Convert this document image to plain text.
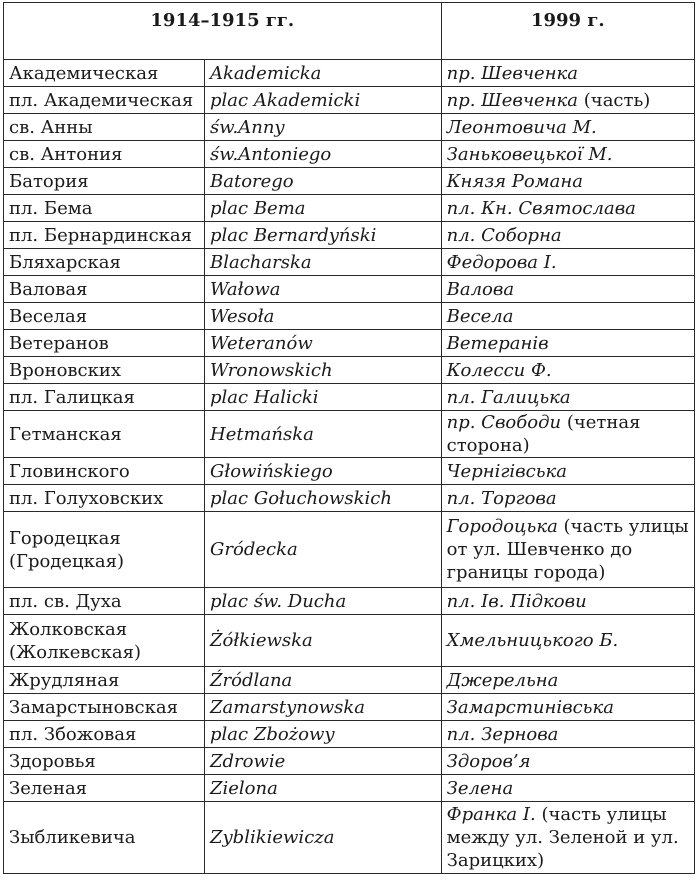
1914–1915 гг.		1999 г.
Академическая	Akademicka	пр. Шевченка
пл. Академическая	plac Akademicki	пр. Шевченка (часть)
св. Анны	św.Anny	Леонтовича М.
св. Антония	św.Antoniego	Заньковецької М.
Батория	Batorego	Князя Романа
пл. Бема	plac Bema	пл. Кн. Святослава
пл. Бернардинская	plac Bernardyński	пл. Соборна
Бляхарская	Blacharska	Федорова І.
Валовая	Wałowa	Валова
Веселая	Wesoła	Весела
Ветеранов	Weteranów	Ветеранів
Вроновских	Wronowskich	Колесси Ф.
пл. Галицкая	plac Halicki	пл. Галицька
Гетманская	Hetmańska	пр. Свободи (четная сторона)
Гловинского	Głowińskiego	Чернігівська
пл. Голуховских	plac Gołuchowskich	пл. Торгова
Городецкая (Гродецкая)	Gródecka	Городоцька (часть улицы от ул. Шевченко до границы города)
пл. св. Духа	plac św. Ducha	пл. Ів. Підкови
Жолковская (Жолкевская)	Żółkiewska	Хмельницького Б.
Жрудляная	Źródlana	Джерельна
Замарстыновская	Zamarstynowska	Замарстинівська
пл. Збожовая	plac Zbożowy	пл. Зернова
Здоровья	Zdrowie	Здоров’я
Зеленая	Zielona	Зелена
Зыбликевича	Zyblikiewicza	Франка І. (часть улицы между ул. Зеленой и ул. Зарицких)
